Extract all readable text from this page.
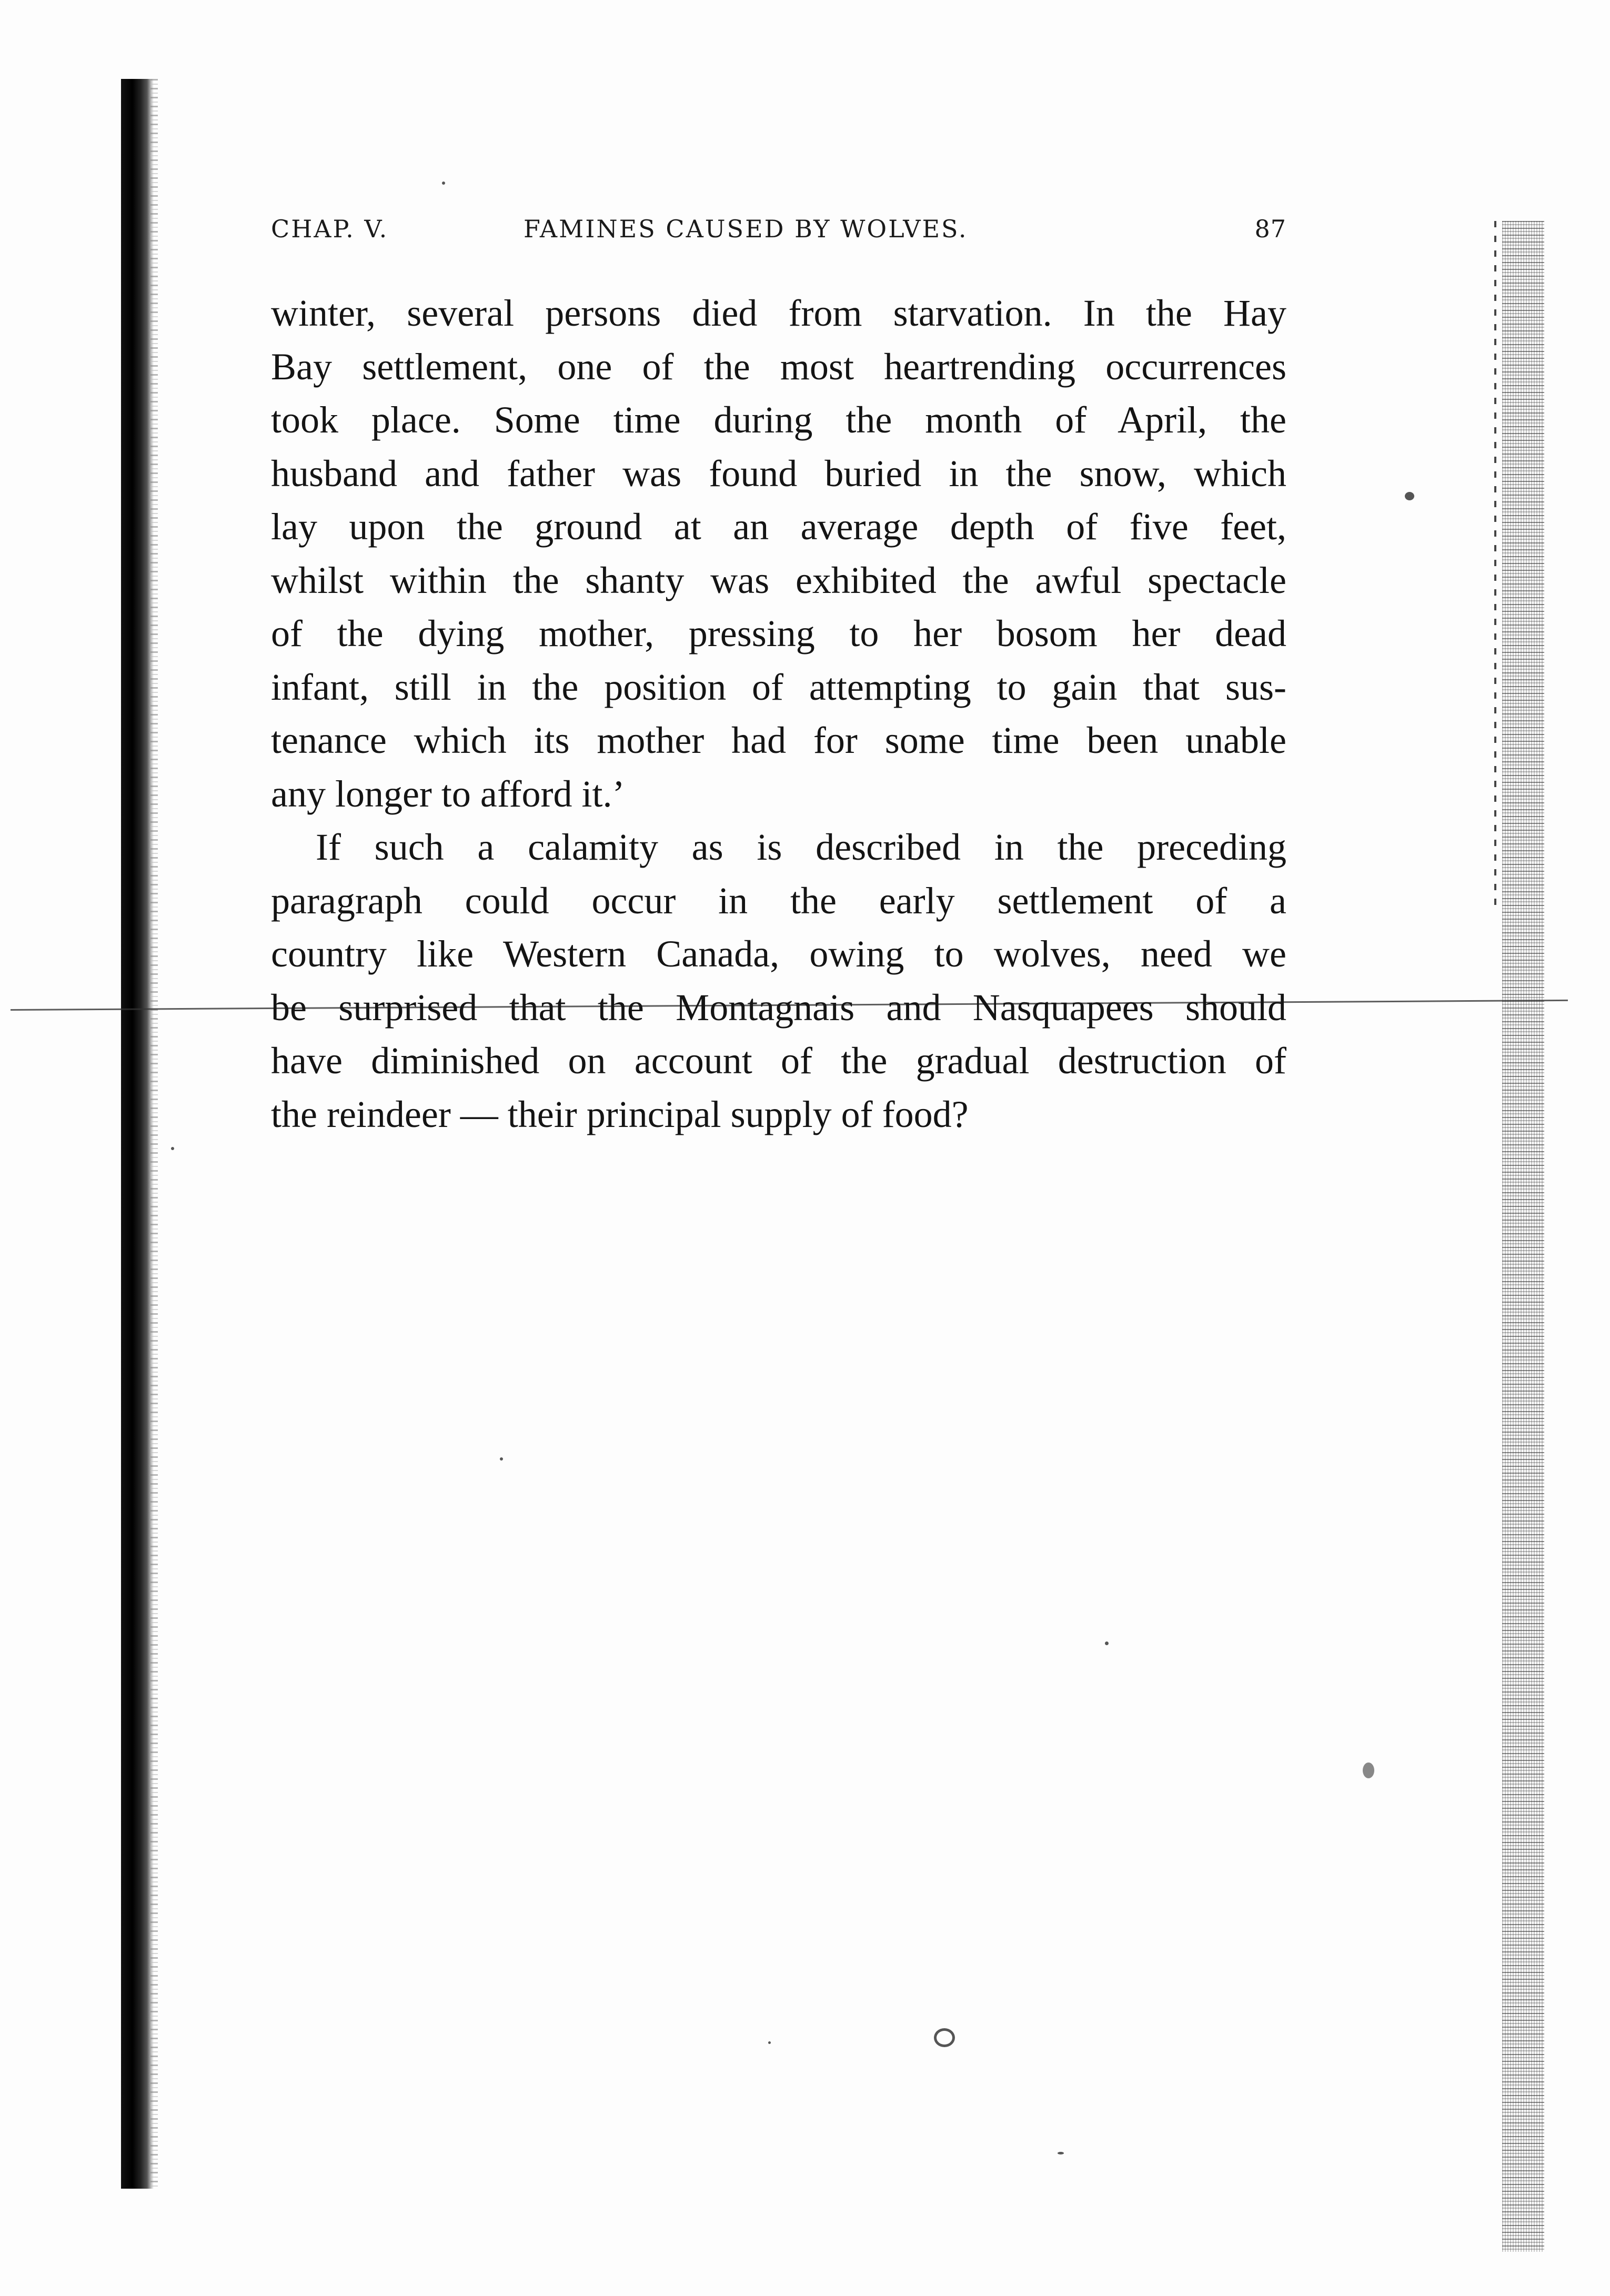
CHAP. V.	FAMINES CAUSED BY WOLVES.	87

winter, several persons died from starvation. In the Hay
Bay settlement, one of the most heartrending occurrences
took place. Some time during the month of April, the
husband and father was found buried in the snow, which
lay upon the ground at an average depth of five feet,
whilst within the shanty was exhibited the awful spectacle
of the dying mother, pressing to her bosom her dead
infant, still in the position of attempting to gain that sus-
tenance which its mother had for some time been unable
any longer to afford it.’

If such a calamity as is described in the preceding
paragraph could occur in the early settlement of a
country like Western Canada, owing to wolves, need we
be surprised that the Montagnais and Nasquapees should
have diminished on account of the gradual destruction of
the reindeer — their principal supply of food?
